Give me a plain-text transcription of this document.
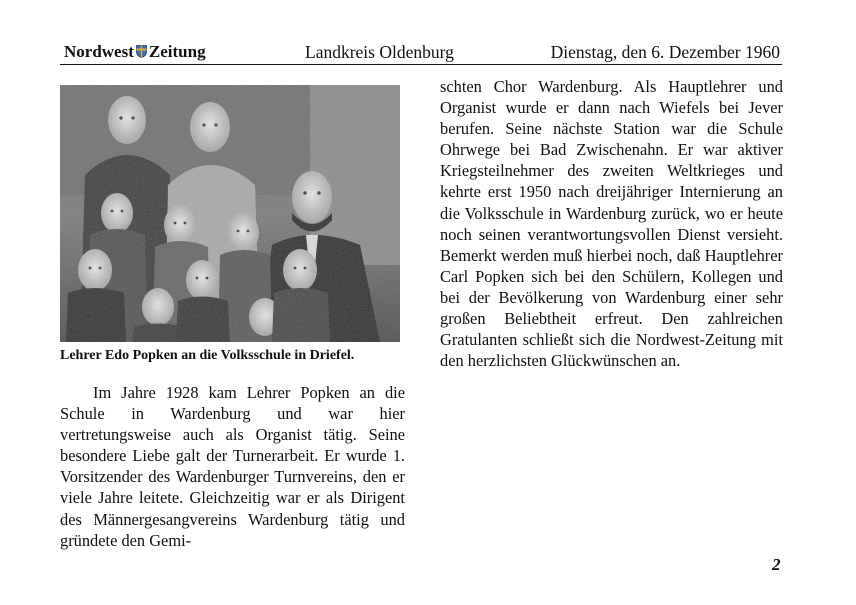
Nordwest Zeitung	Landkreis Oldenburg	Dienstag, den 6. Dezember 1960
Lehrer Edo Popken an die Volksschule in Driefel.

Im Jahre 1928 kam Lehrer Popken an die Schule in Wardenburg und war hier vertretungsweise auch als Organist tätig. Seine besondere Liebe galt der Turnerarbeit. Er wurde 1. Vorsitzender des Wardenburger Turnvereins, den er viele Jahre leitete. Gleichzeitig war er als Dirigent des Männergesangvereins Wardenburg tätig und gründete den Gemi-

schten Chor Wardenburg. Als Hauptlehrer und Organist wurde er dann nach Wiefels bei Jever berufen. Seine nächste Station war die Schule Ohrwege bei Bad Zwischenahn. Er war aktiver Kriegsteilnehmer des zweiten Weltkrieges und kehrte erst 1950 nach dreijähriger Internierung an die Volksschule in Wardenburg zurück, wo er heute noch seinen verantwortungsvollen Dienst versieht. Bemerkt werden muß hierbei noch, daß Hauptlehrer Carl Popken sich bei den Schülern, Kollegen und bei der Bevölkerung von Wardenburg einer sehr großen Beliebtheit erfreut. Den zahlreichen Gratulanten schließt sich die Nordwest-Zeitung mit den herzlichsten Glückwünschen an.

2
